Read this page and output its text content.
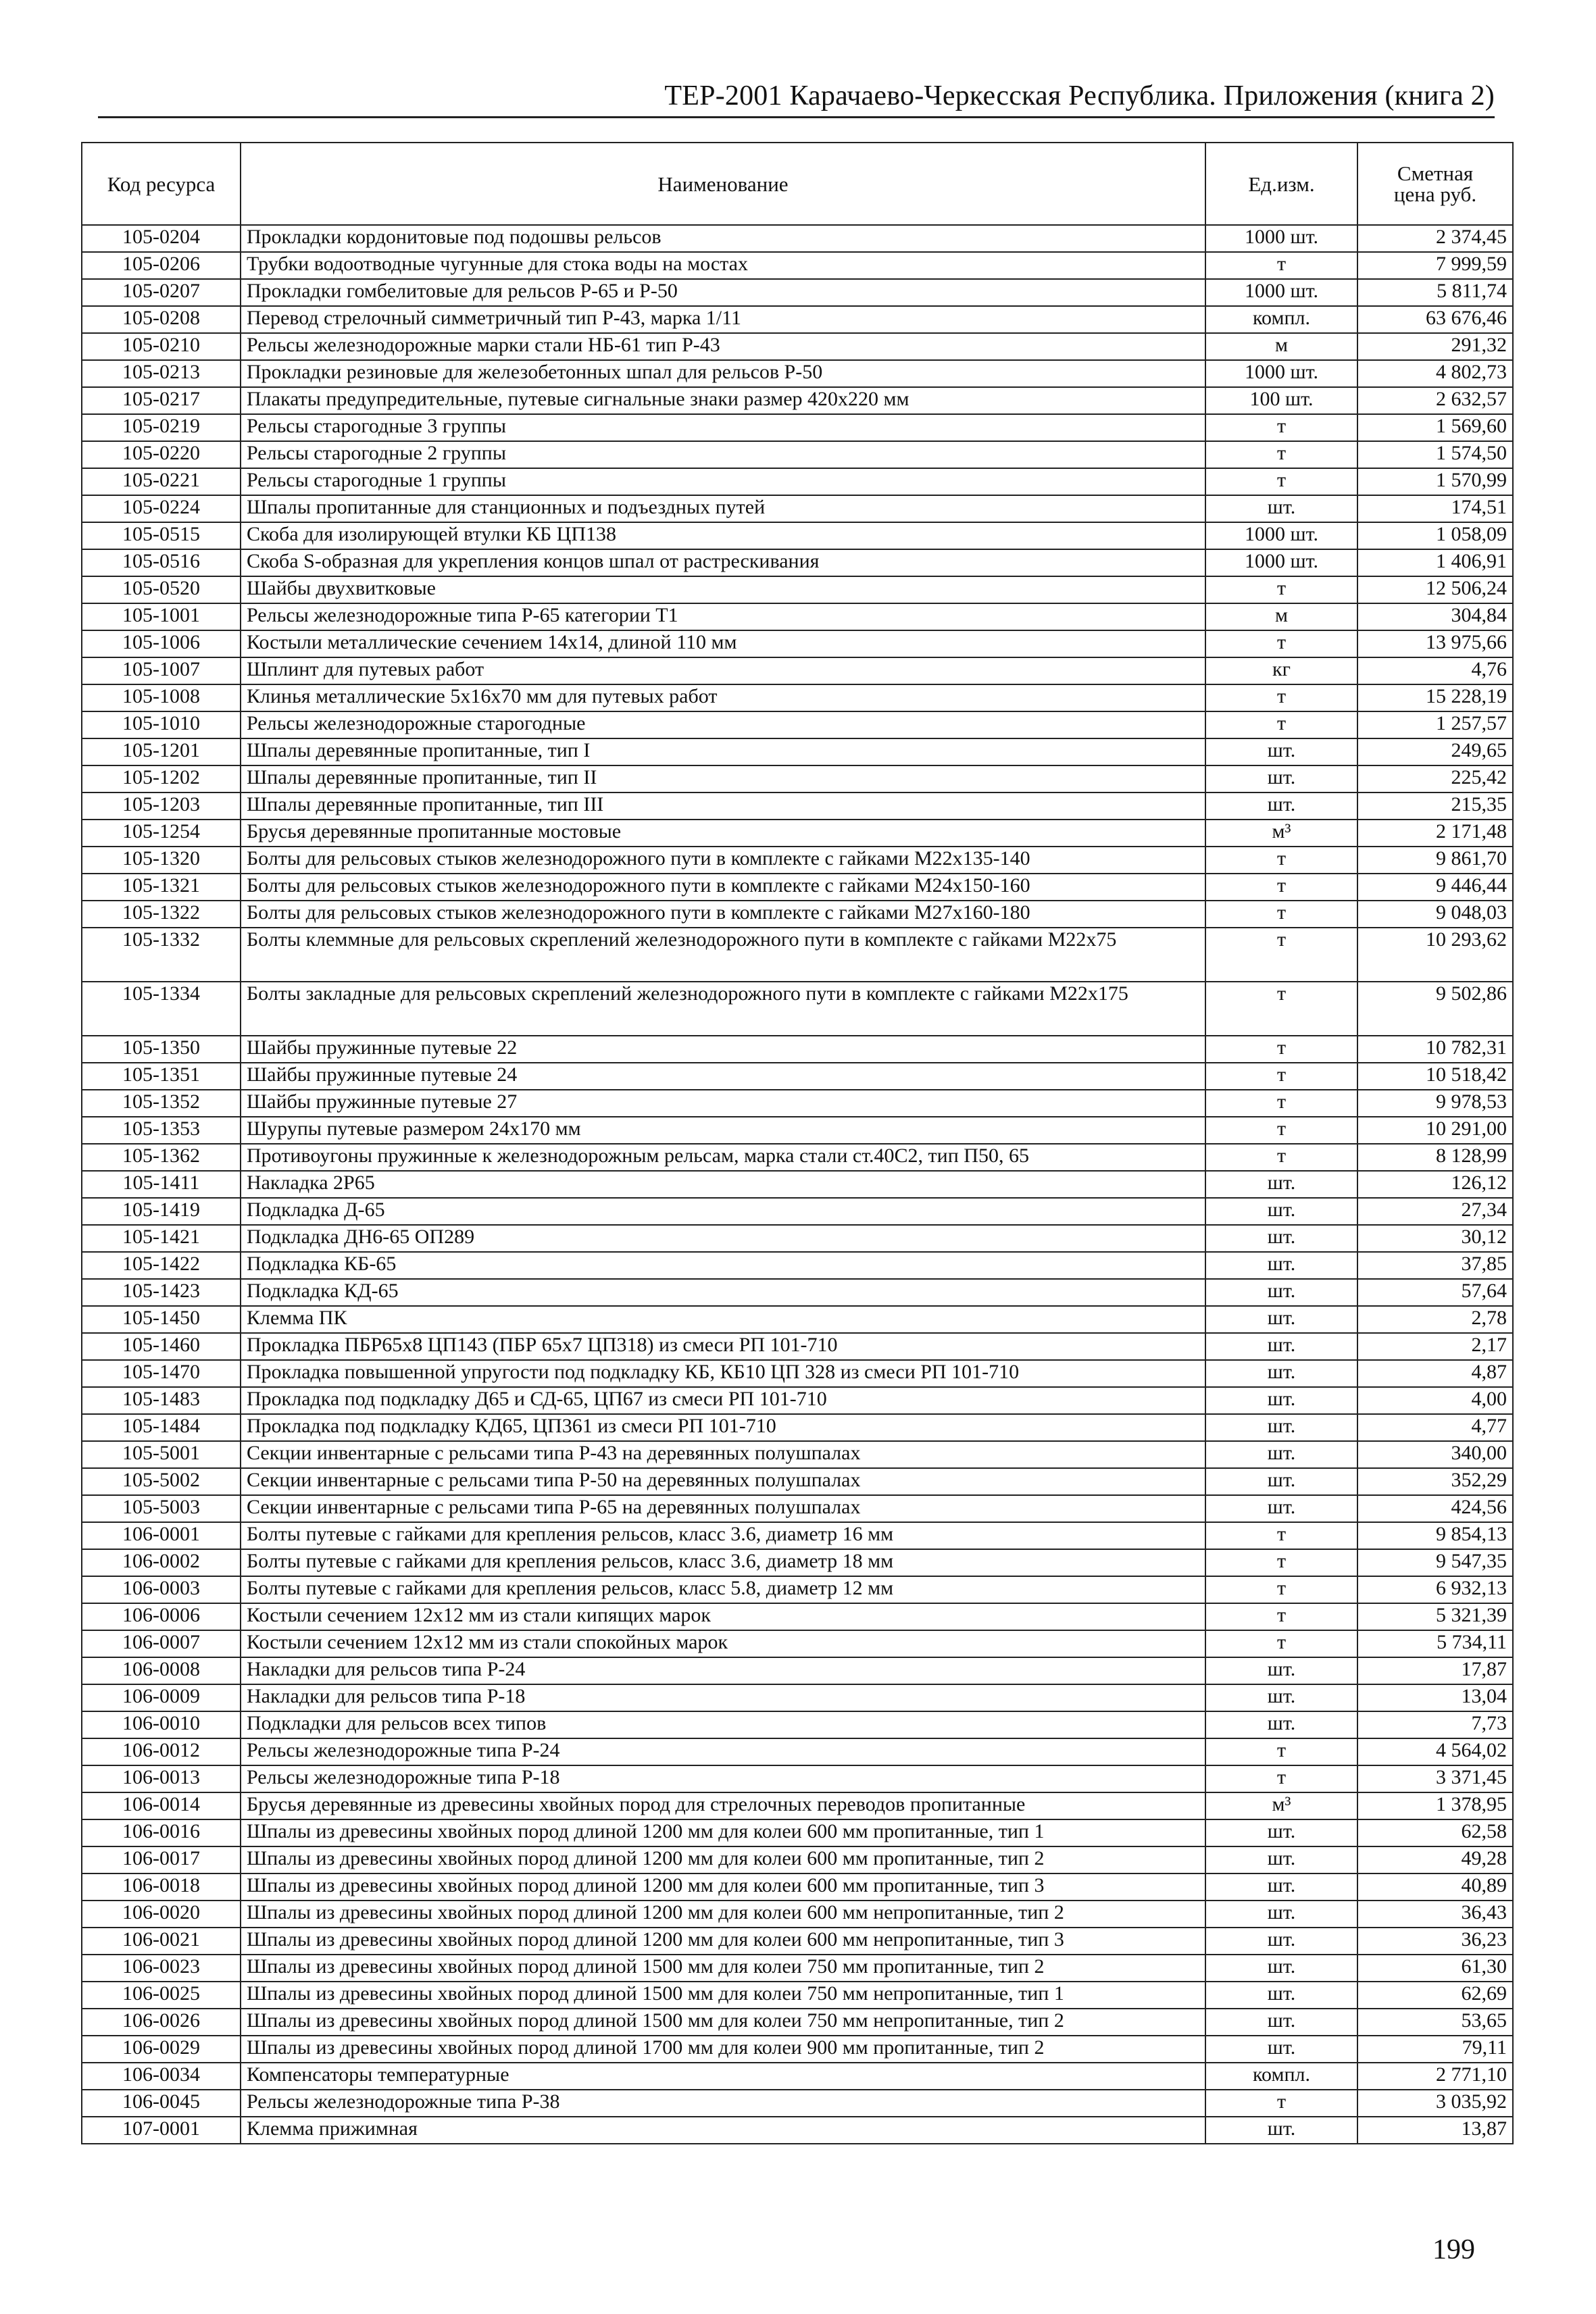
ТЕР-2001 Карачаево-Черкесская Республика. Приложения (книга 2)
Код ресурса	Наименование	Ед.изм.	Сметная цена руб.
105-0204	Прокладки кордонитовые под подошвы рельсов	1000 шт.	2 374,45
105-0206	Трубки водоотводные чугунные для стока воды на мостах	т	7 999,59
105-0207	Прокладки гомбелитовые для рельсов Р-65 и Р-50	1000 шт.	5 811,74
105-0208	Перевод стрелочный симметричный тип Р-43, марка 1/11	компл.	63 676,46
105-0210	Рельсы железнодорожные марки стали НБ-61 тип Р-43	м	291,32
105-0213	Прокладки резиновые для железобетонных шпал для рельсов Р-50	1000 шт.	4 802,73
105-0217	Плакаты предупредительные, путевые сигнальные знаки размер 420х220 мм	100 шт.	2 632,57
105-0219	Рельсы старогодные 3 группы	т	1 569,60
105-0220	Рельсы старогодные 2 группы	т	1 574,50
105-0221	Рельсы старогодные 1 группы	т	1 570,99
105-0224	Шпалы пропитанные для станционных и подъездных путей	шт.	174,51
105-0515	Скоба для изолирующей втулки КБ ЦП138	1000 шт.	1 058,09
105-0516	Скоба S-образная для укрепления концов шпал от растрескивания	1000 шт.	1 406,91
105-0520	Шайбы двухвитковые	т	12 506,24
105-1001	Рельсы железнодорожные типа Р-65 категории Т1	м	304,84
105-1006	Костыли металлические сечением 14х14, длиной 110 мм	т	13 975,66
105-1007	Шплинт для путевых работ	кг	4,76
105-1008	Клинья металлические 5х16х70 мм для путевых работ	т	15 228,19
105-1010	Рельсы железнодорожные старогодные	т	1 257,57
105-1201	Шпалы деревянные пропитанные, тип I	шт.	249,65
105-1202	Шпалы деревянные пропитанные, тип II	шт.	225,42
105-1203	Шпалы деревянные пропитанные, тип III	шт.	215,35
105-1254	Брусья деревянные пропитанные мостовые	м³	2 171,48
105-1320	Болты для рельсовых стыков железнодорожного пути в комплекте с гайками М22х135-140	т	9 861,70
105-1321	Болты для рельсовых стыков железнодорожного пути в комплекте с гайками М24х150-160	т	9 446,44
105-1322	Болты для рельсовых стыков железнодорожного пути в комплекте с гайками М27х160-180	т	9 048,03
105-1332	Болты клеммные для рельсовых скреплений железнодорожного пути в комплекте с гайками М22х75	т	10 293,62
105-1334	Болты закладные для рельсовых скреплений железнодорожного пути в комплекте с гайками М22х175	т	9 502,86
105-1350	Шайбы пружинные путевые 22	т	10 782,31
105-1351	Шайбы пружинные путевые 24	т	10 518,42
105-1352	Шайбы пружинные путевые 27	т	9 978,53
105-1353	Шурупы путевые размером 24х170 мм	т	10 291,00
105-1362	Противоугоны пружинные к железнодорожным рельсам, марка стали ст.40С2, тип П50, 65	т	8 128,99
105-1411	Накладка 2Р65	шт.	126,12
105-1419	Подкладка Д-65	шт.	27,34
105-1421	Подкладка ДН6-65 ОП289	шт.	30,12
105-1422	Подкладка КБ-65	шт.	37,85
105-1423	Подкладка КД-65	шт.	57,64
105-1450	Клемма ПК	шт.	2,78
105-1460	Прокладка ПБР65х8 ЦП143 (ПБР 65х7 ЦП318) из смеси РП 101-710	шт.	2,17
105-1470	Прокладка повышенной упругости под подкладку КБ, КБ10 ЦП 328 из смеси РП 101-710	шт.	4,87
105-1483	Прокладка под подкладку Д65 и СД-65, ЦП67 из смеси РП 101-710	шт.	4,00
105-1484	Прокладка под подкладку КД65, ЦП361 из смеси РП 101-710	шт.	4,77
105-5001	Секции инвентарные с рельсами типа Р-43 на деревянных полушпалах	шт.	340,00
105-5002	Секции инвентарные с рельсами типа Р-50 на деревянных полушпалах	шт.	352,29
105-5003	Секции инвентарные с рельсами типа Р-65 на деревянных полушпалах	шт.	424,56
106-0001	Болты путевые с гайками для крепления рельсов, класс 3.6, диаметр 16 мм	т	9 854,13
106-0002	Болты путевые с гайками для крепления рельсов, класс 3.6, диаметр 18 мм	т	9 547,35
106-0003	Болты путевые с гайками для крепления рельсов, класс 5.8, диаметр 12 мм	т	6 932,13
106-0006	Костыли сечением 12х12 мм из стали кипящих марок	т	5 321,39
106-0007	Костыли сечением 12х12 мм из стали спокойных марок	т	5 734,11
106-0008	Накладки для рельсов типа Р-24	шт.	17,87
106-0009	Накладки для рельсов типа Р-18	шт.	13,04
106-0010	Подкладки для рельсов всех типов	шт.	7,73
106-0012	Рельсы железнодорожные типа Р-24	т	4 564,02
106-0013	Рельсы железнодорожные типа Р-18	т	3 371,45
106-0014	Брусья деревянные из древесины хвойных пород для стрелочных переводов пропитанные	м³	1 378,95
106-0016	Шпалы из древесины хвойных пород длиной 1200 мм для колеи 600 мм пропитанные, тип 1	шт.	62,58
106-0017	Шпалы из древесины хвойных пород длиной 1200 мм для колеи 600 мм пропитанные, тип 2	шт.	49,28
106-0018	Шпалы из древесины хвойных пород длиной 1200 мм для колеи 600 мм пропитанные, тип 3	шт.	40,89
106-0020	Шпалы из древесины хвойных пород длиной 1200 мм для колеи 600 мм непропитанные, тип 2	шт.	36,43
106-0021	Шпалы из древесины хвойных пород длиной 1200 мм для колеи 600 мм непропитанные, тип 3	шт.	36,23
106-0023	Шпалы из древесины хвойных пород длиной 1500 мм для колеи 750 мм пропитанные, тип 2	шт.	61,30
106-0025	Шпалы из древесины хвойных пород длиной 1500 мм для колеи 750 мм непропитанные, тип 1	шт.	62,69
106-0026	Шпалы из древесины хвойных пород длиной 1500 мм для колеи 750 мм непропитанные, тип 2	шт.	53,65
106-0029	Шпалы из древесины хвойных пород длиной 1700 мм для колеи 900 мм пропитанные, тип 2	шт.	79,11
106-0034	Компенсаторы температурные	компл.	2 771,10
106-0045	Рельсы железнодорожные типа Р-38	т	3 035,92
107-0001	Клемма прижимная	шт.	13,87
199
